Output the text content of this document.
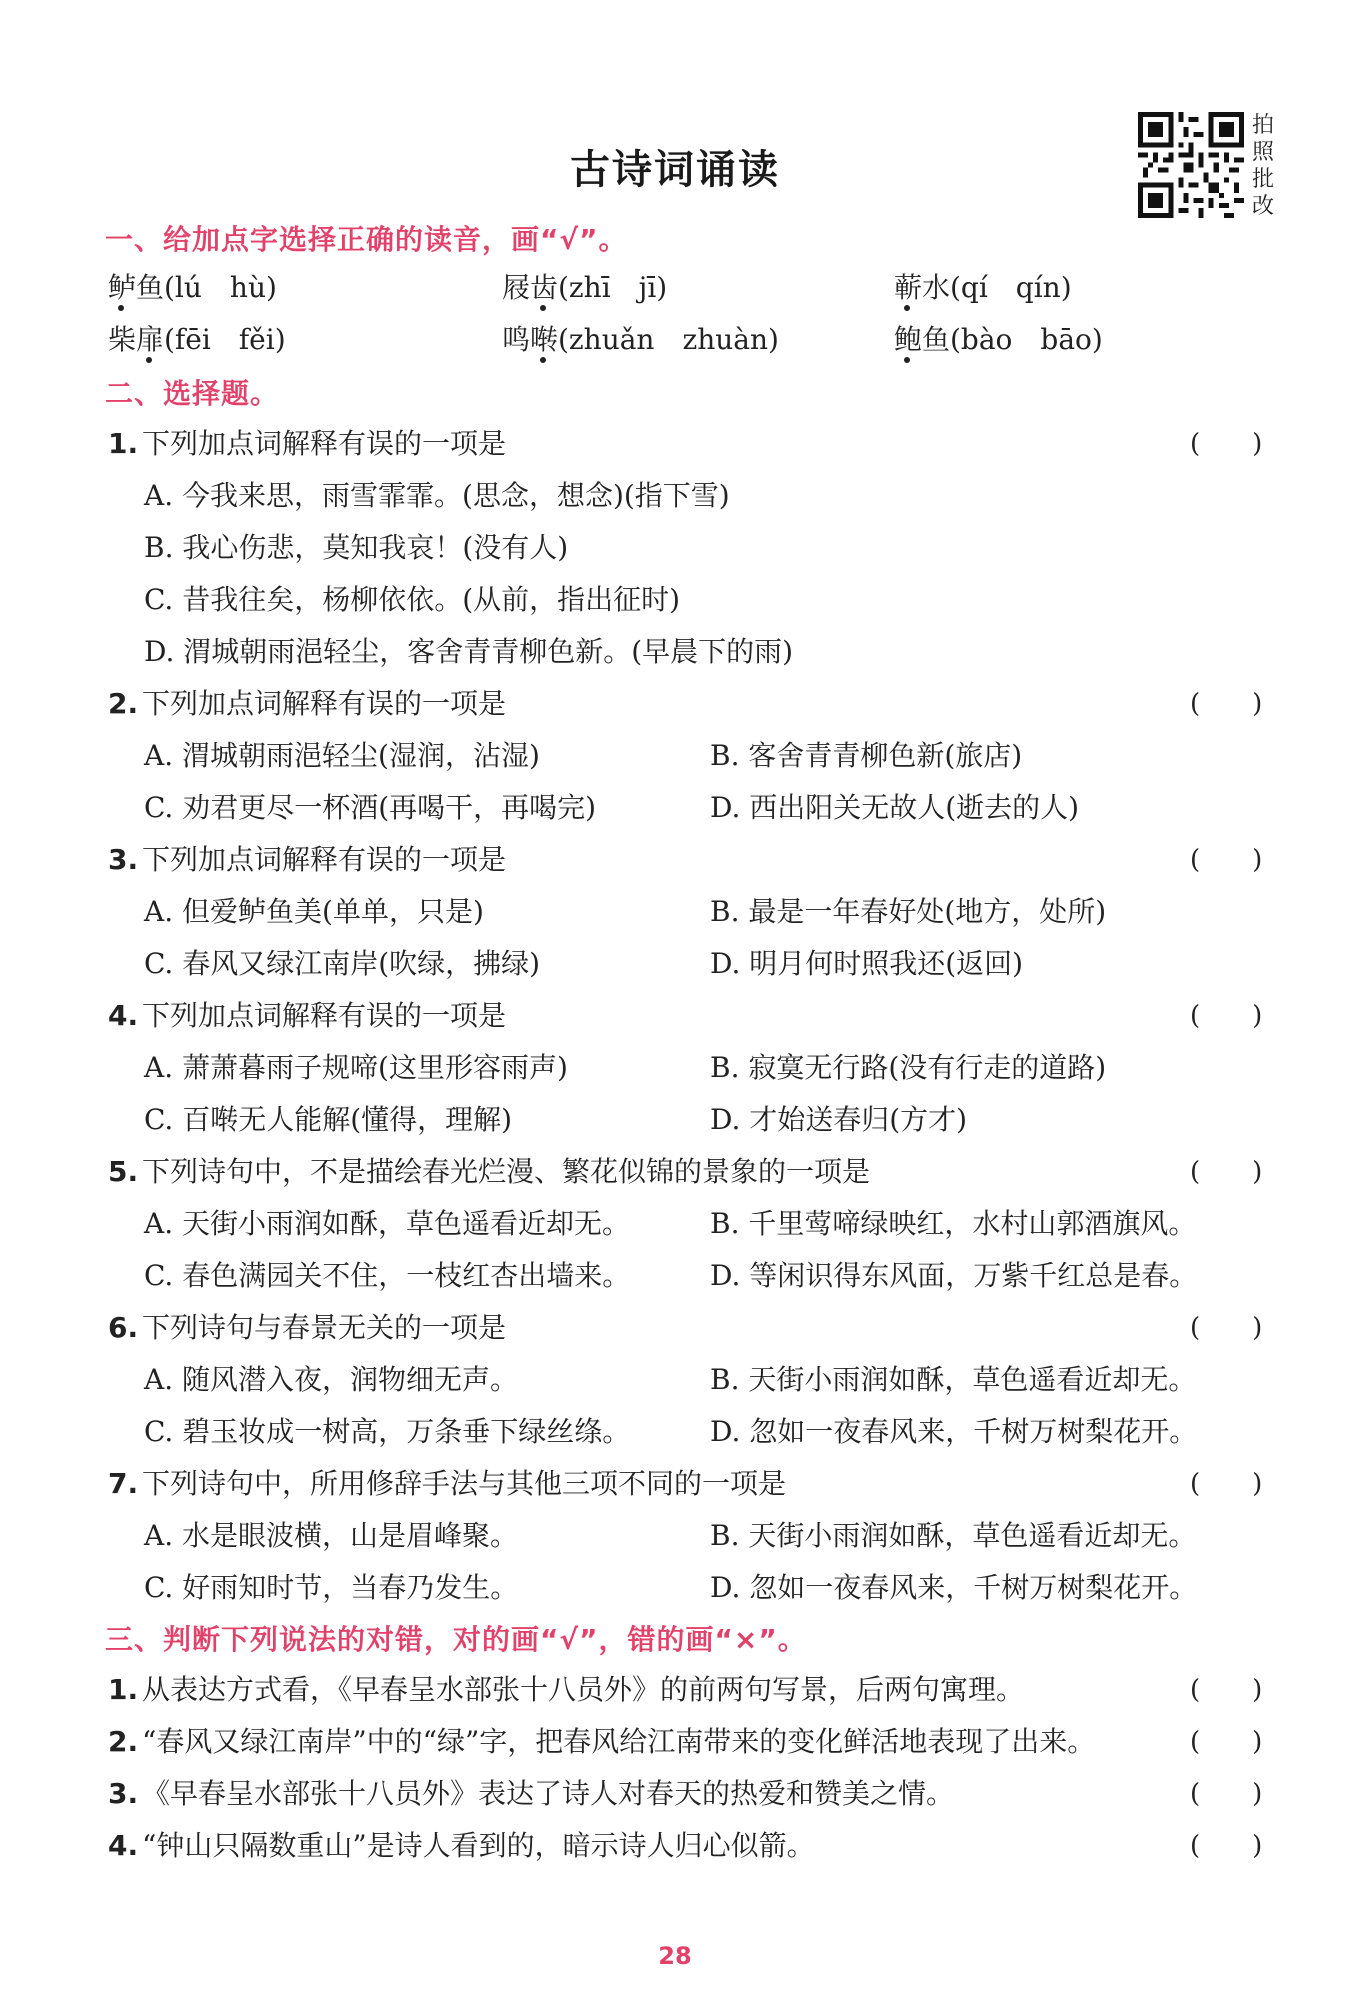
古诗词诵读
拍照批改
一、给加点字选择正确的读音，画“√”。
鲈鱼(lú　hù)	屐齿(zhī　jī)	蕲水(qí　qín)
柴扉(fēi　fěi)	鸣啭(zhuǎn　zhuàn)	鲍鱼(bào　bāo)
二、选择题。
1. 下列加点词解释有误的一项是	(　　)
A. 今我来思，雨雪霏霏。(思念，想念)(指下雪)
B. 我心伤悲，莫知我哀！(没有人)
C. 昔我往矣，杨柳依依。(从前，指出征时)
D. 渭城朝雨浥轻尘，客舍青青柳色新。(早晨下的雨)
2. 下列加点词解释有误的一项是	(　　)
A. 渭城朝雨浥轻尘(湿润，沾湿)	B. 客舍青青柳色新(旅店)
C. 劝君更尽一杯酒(再喝干，再喝完)	D. 西出阳关无故人(逝去的人)
3. 下列加点词解释有误的一项是	(　　)
A. 但爱鲈鱼美(单单，只是)	B. 最是一年春好处(地方，处所)
C. 春风又绿江南岸(吹绿，拂绿)	D. 明月何时照我还(返回)
4. 下列加点词解释有误的一项是	(　　)
A. 萧萧暮雨子规啼(这里形容雨声)	B. 寂寞无行路(没有行走的道路)
C. 百啭无人能解(懂得，理解)	D. 才始送春归(方才)
5. 下列诗句中，不是描绘春光烂漫、繁花似锦的景象的一项是	(　　)
A. 天街小雨润如酥，草色遥看近却无。	B. 千里莺啼绿映红，水村山郭酒旗风。
C. 春色满园关不住，一枝红杏出墙来。	D. 等闲识得东风面，万紫千红总是春。
6. 下列诗句与春景无关的一项是	(　　)
A. 随风潜入夜，润物细无声。	B. 天街小雨润如酥，草色遥看近却无。
C. 碧玉妆成一树高，万条垂下绿丝绦。	D. 忽如一夜春风来，千树万树梨花开。
7. 下列诗句中，所用修辞手法与其他三项不同的一项是	(　　)
A. 水是眼波横，山是眉峰聚。	B. 天街小雨润如酥，草色遥看近却无。
C. 好雨知时节，当春乃发生。	D. 忽如一夜春风来，千树万树梨花开。
三、判断下列说法的对错，对的画“√”，错的画“×”。
1. 从表达方式看，《早春呈水部张十八员外》的前两句写景，后两句寓理。	(　　)
2. “春风又绿江南岸”中的“绿”字，把春风给江南带来的变化鲜活地表现了出来。	(　　)
3. 《早春呈水部张十八员外》表达了诗人对春天的热爱和赞美之情。	(　　)
4. “钟山只隔数重山”是诗人看到的，暗示诗人归心似箭。	(　　)
28
